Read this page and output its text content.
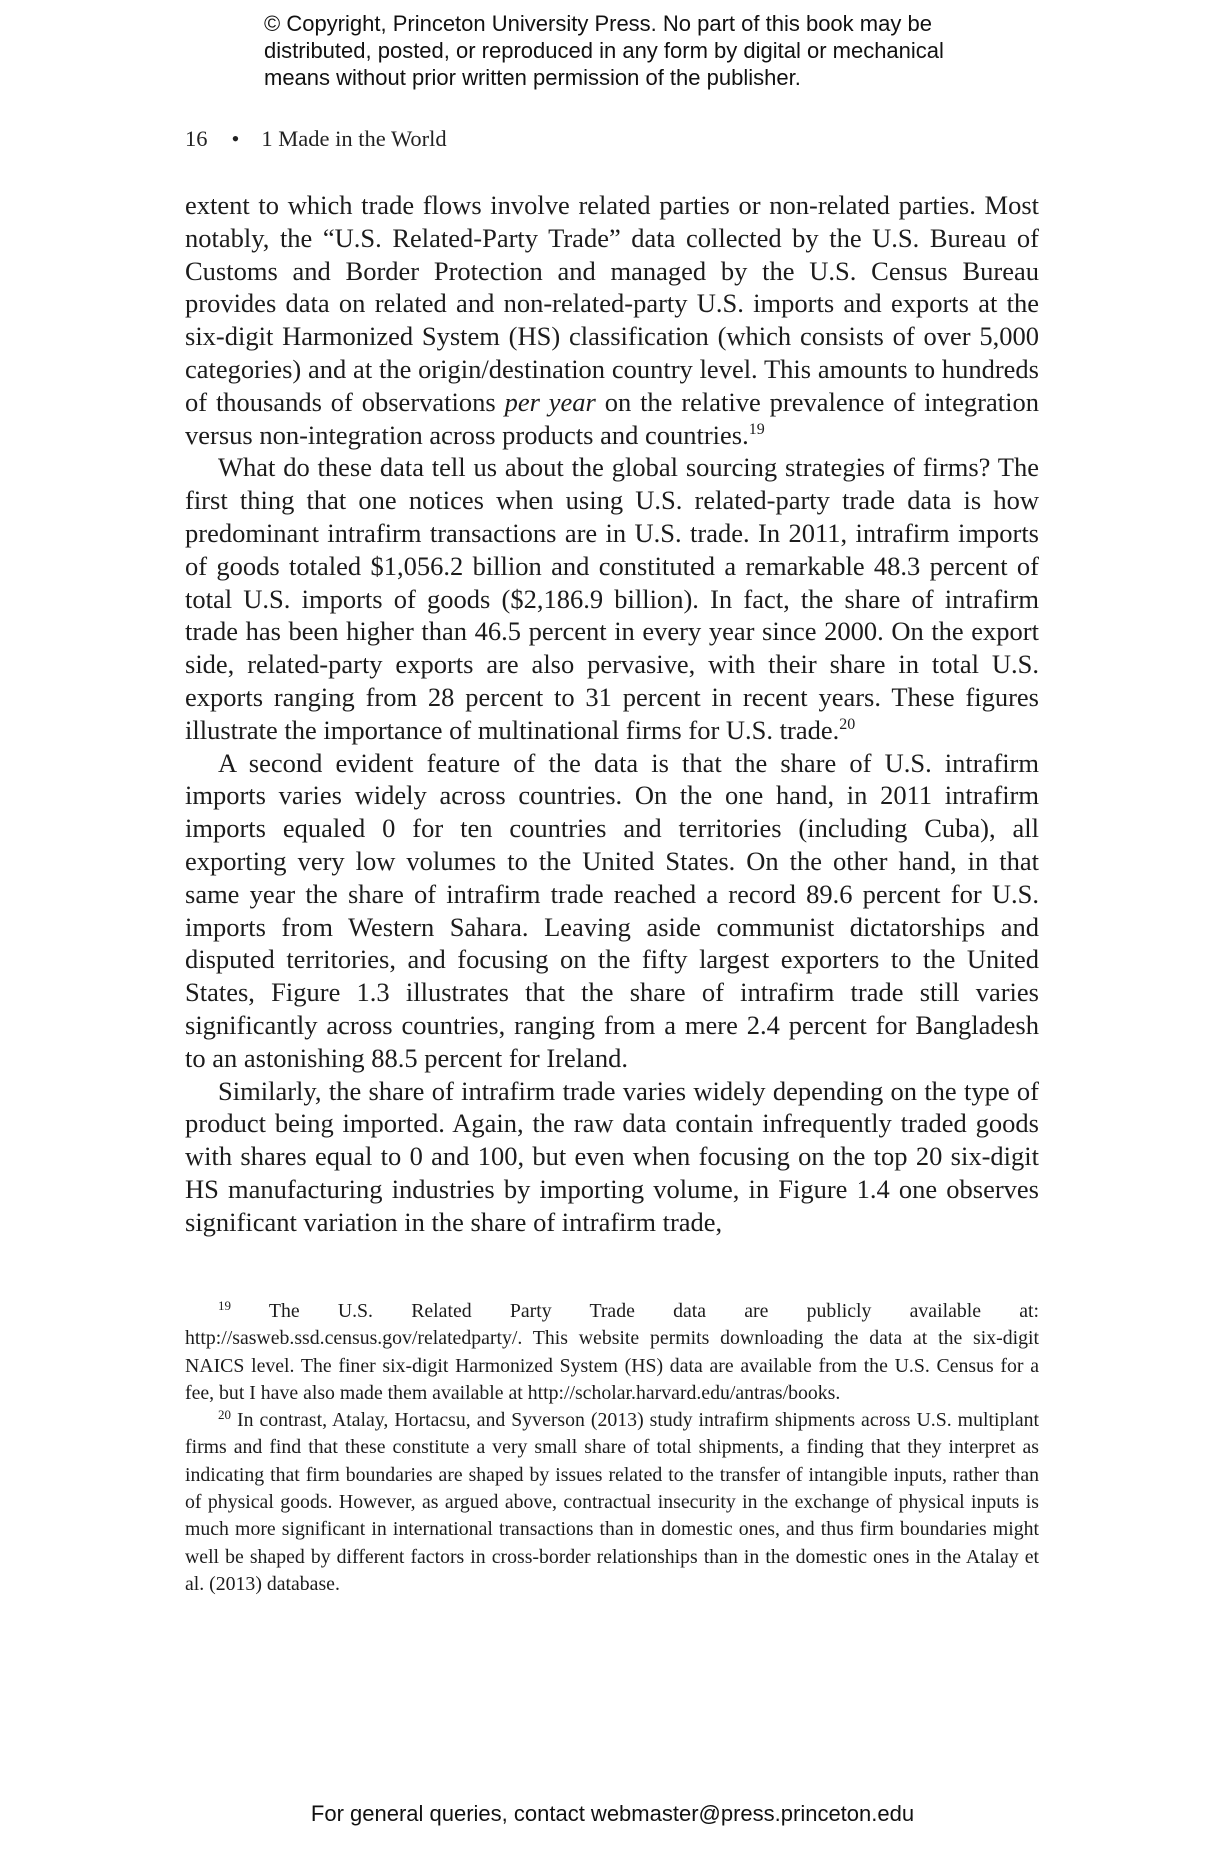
© Copyright, Princeton University Press. No part of this book may be
distributed, posted, or reproduced in any form by digital or mechanical
means without prior written permission of the publisher.
16 • 1 Made in the World

extent to which trade flows involve related parties or non-related parties. Most notably, the “U.S. Related-Party Trade” data collected by the U.S. Bureau of Customs and Border Protection and managed by the U.S. Census Bureau provides data on related and non-related-party U.S. imports and exports at the six-digit Harmonized System (HS) classification (which consists of over 5,000 categories) and at the origin/destination country level. This amounts to hundreds of thousands of observations per year on the relative prevalence of integration versus non-integration across products and countries.$^{19}$

What do these data tell us about the global sourcing strategies of firms? The first thing that one notices when using U.S. related-party trade data is how predominant intrafirm transactions are in U.S. trade. In 2011, intrafirm imports of goods totaled $1,056.2 billion and constituted a remarkable 48.3 percent of total U.S. imports of goods ($2,186.9 billion). In fact, the share of intrafirm trade has been higher than 46.5 percent in every year since 2000. On the export side, related-party exports are also pervasive, with their share in total U.S. exports ranging from 28 percent to 31 percent in recent years. These figures illustrate the importance of multinational firms for U.S. trade.$^{20}$

A second evident feature of the data is that the share of U.S. intrafirm imports varies widely across countries. On the one hand, in 2011 intrafirm imports equaled 0 for ten countries and territories (including Cuba), all exporting very low volumes to the United States. On the other hand, in that same year the share of intrafirm trade reached a record 89.6 percent for U.S. imports from Western Sahara. Leaving aside communist dictatorships and disputed territories, and focusing on the fifty largest exporters to the United States, Figure 1.3 illustrates that the share of intrafirm trade still varies significantly across countries, ranging from a mere 2.4 percent for Bangladesh to an astonishing 88.5 percent for Ireland.

Similarly, the share of intrafirm trade varies widely depending on the type of product being imported. Again, the raw data contain infrequently traded goods with shares equal to 0 and 100, but even when focusing on the top 20 six-digit HS manufacturing industries by importing volume, in Figure 1.4 one observes significant variation in the share of intrafirm trade,

$^{19}$ The U.S. Related Party Trade data are publicly available at: http://sasweb.ssd.census.gov/relatedparty/. This website permits downloading the data at the six-digit NAICS level. The finer six-digit Harmonized System (HS) data are available from the U.S. Census for a fee, but I have also made them available at http://scholar.harvard.edu/antras/books.

$^{20}$ In contrast, Atalay, Hortacsu, and Syverson (2013) study intrafirm shipments across U.S. multiplant firms and find that these constitute a very small share of total shipments, a finding that they interpret as indicating that firm boundaries are shaped by issues related to the transfer of intangible inputs, rather than of physical goods. However, as argued above, contractual insecurity in the exchange of physical inputs is much more significant in international transactions than in domestic ones, and thus firm boundaries might well be shaped by different factors in cross-border relationships than in the domestic ones in the Atalay et al. (2013) database.

For general queries, contact webmaster@press.princeton.edu
